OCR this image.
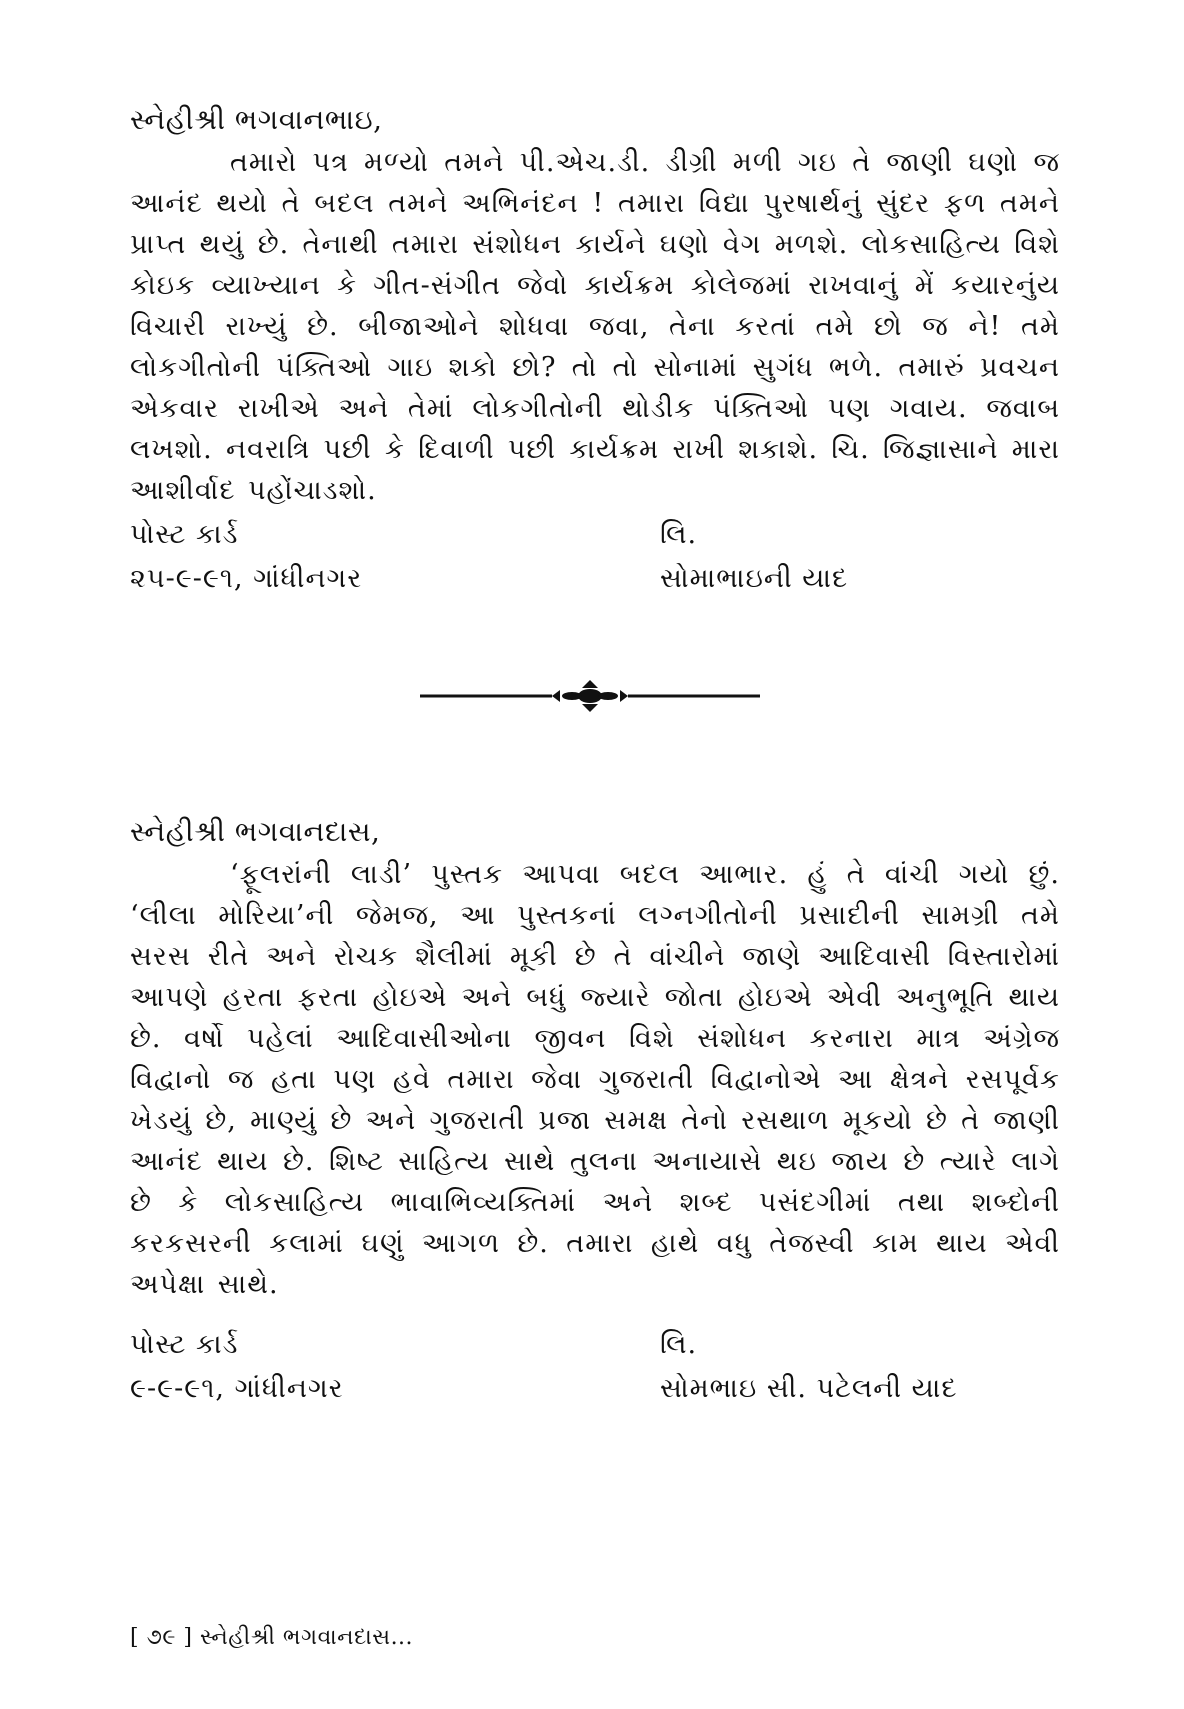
સ્નેહીશ્રી ભગવાનભાઇ,

તમારો પત્ર મળ્યો તમને પી.એચ.ડી. ડીગ્રી મળી ગઇ તે જાણી ઘણો જ આનંદ થયો તે બદલ તમને અભિનંદન ! તમારા વિદ્યા પુરષાર્થનું સુંદર ફળ તમને પ્રાપ્ત થયું છે. તેનાથી તમારા સંશોધન કાર્યને ઘણો વેગ મળશે. લોકસાહિત્ય વિશે કોઇક વ્યાખ્યાન કે ગીત-સંગીત જેવો કાર્યક્રમ કોલેજમાં રાખવાનું મેં કયારનુંય વિચારી રાખ્યું છે. બીજાઓને શોધવા જવા, તેના કરતાં તમે છો જ ને! તમે લોકગીતોની પંક્તિઓ ગાઇ શકો છો? તો તો સોનામાં સુગંધ ભળે. તમારું પ્રવચન એકવાર રાખીએ અને તેમાં લોકગીતોની થોડીક પંક્તિઓ પણ ગવાય. જવાબ લખશો. નવરાત્રિ પછી કે દિવાળી પછી કાર્યક્રમ રાખી શકાશે. ચિ. જિજ્ઞાસાને મારા આશીર્વાદ પહોંચાડશો.

પોસ્ટ કાર્ડ	લિ.
૨૫-૯-૯૧, ગાંધીનગર	સોમાભાઇની યાદ
સ્નેહીશ્રી ભગવાનદાસ,

‘ફૂલરાંની લાડી’ પુસ્તક આપવા બદલ આભાર. હું તે વાંચી ગયો છું. ‘લીલા મોરિયા’ની જેમજ, આ પુસ્તકનાં લગ્નગીતોની પ્રસાદીની સામગ્રી તમે સરસ રીતે અને રોચક શૈલીમાં મૂકી છે તે વાંચીને જાણે આદિવાસી વિસ્તારોમાં આપણે હરતા ફરતા હોઇએ અને બધું જ્યારે જોતા હોઇએ એવી અનુભૂતિ થાય છે. વર્ષો પહેલાં આદિવાસીઓના જીવન વિશે સંશોધન કરનારા માત્ર અંગ્રેજ વિદ્વાનો જ હતા પણ હવે તમારા જેવા ગુજરાતી વિદ્વાનોએ આ ક્ષેત્રને રસપૂર્વક ખેડયું છે, માણ્યું છે અને ગુજરાતી પ્રજા સમક્ષ તેનો રસથાળ મૂકયો છે તે જાણી આનંદ થાય છે. શિષ્ટ સાહિત્ય સાથે તુલના અનાયાસે થઇ જાય છે ત્યારે લાગે છે કે લોકસાહિત્ય ભાવાભિવ્યક્તિમાં અને શબ્દ પસંદગીમાં તથા શબ્દોની કરકસરની કલામાં ઘણું આગળ છે. તમારા હાથે વધુ તેજસ્વી કામ થાય એવી અપેક્ષા સાથે.

પોસ્ટ કાર્ડ	લિ.
૯-૯-૯૧, ગાંધીનગર	સોમભાઇ સી. પટેલની યાદ
[ ૭૯ ] સ્નેહીશ્રી ભગવાનદાસ...
